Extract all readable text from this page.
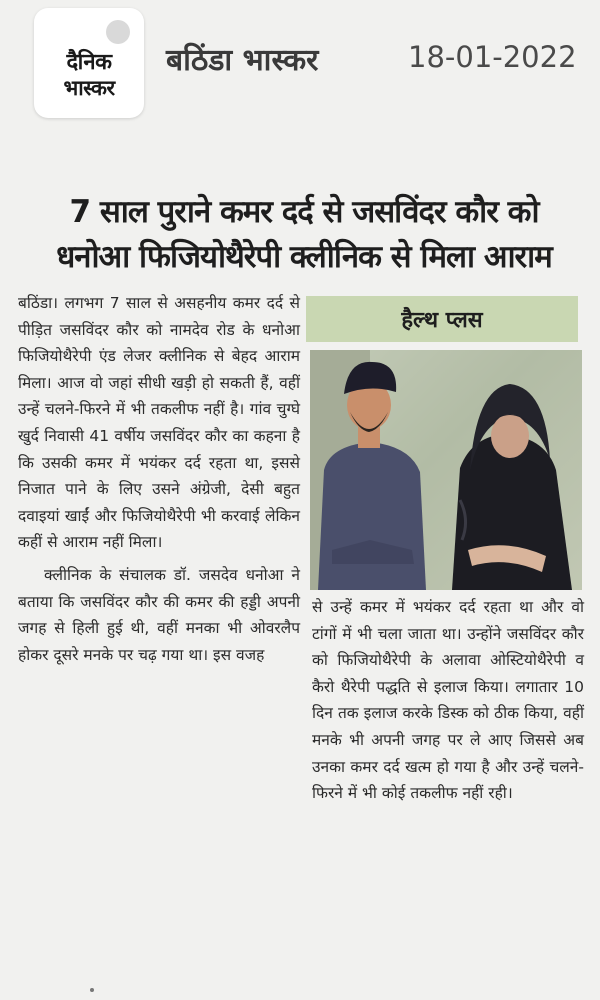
दैनिक
भास्कर
बठिंडा भास्कर	18-01-2022
7 साल पुराने कमर दर्द से जसविंदर कौर को
धनोआ फिजियोथैरेपी क्लीनिक से मिला आराम

बठिंडा। लगभग 7 साल से असहनीय कमर दर्द से पीड़ित जसविंदर कौर को नामदेव रोड के धनोआ फिजियोथैरेपी एंड लेजर क्लीनिक से बेहद आराम मिला। आज वो जहां सीधी खड़ी हो सकती हैं, वहीं उन्हें चलने-फिरने में भी तकलीफ नहीं है। गांव चुग्घे खुर्द निवासी 41 वर्षीय जसविंदर कौर का कहना है कि उसकी कमर में भयंकर दर्द रहता था, इससे निजात पाने के लिए उसने अंग्रेजी, देसी बहुत दवाइयां खाईं और फिजियोथैरेपी भी करवाई लेकिन कहीं से आराम नहीं मिला।

क्लीनिक के संचालक डॉ. जसदेव धनोआ ने बताया कि जसविंदर कौर की कमर की हड्डी अपनी जगह से हिली हुई थी, वहीं मनका भी ओवरलैप होकर दूसरे मनके पर चढ़ गया था। इस वजह

हैल्थ प्लस

से उन्हें कमर में भयंकर दर्द रहता था और वो टांगों में भी चला जाता था। उन्होंने जसविंदर कौर को फिजियोथैरेपी के अलावा ओस्टियोथैरेपी व कैरो थैरेपी पद्धति से इलाज किया। लगातार 10 दिन तक इलाज करके डिस्क को ठीक किया, वहीं मनके भी अपनी जगह पर ले आए जिससे अब उनका कमर दर्द खत्म हो गया है और उन्हें चलने-फिरने में भी कोई तकलीफ नहीं रही।
